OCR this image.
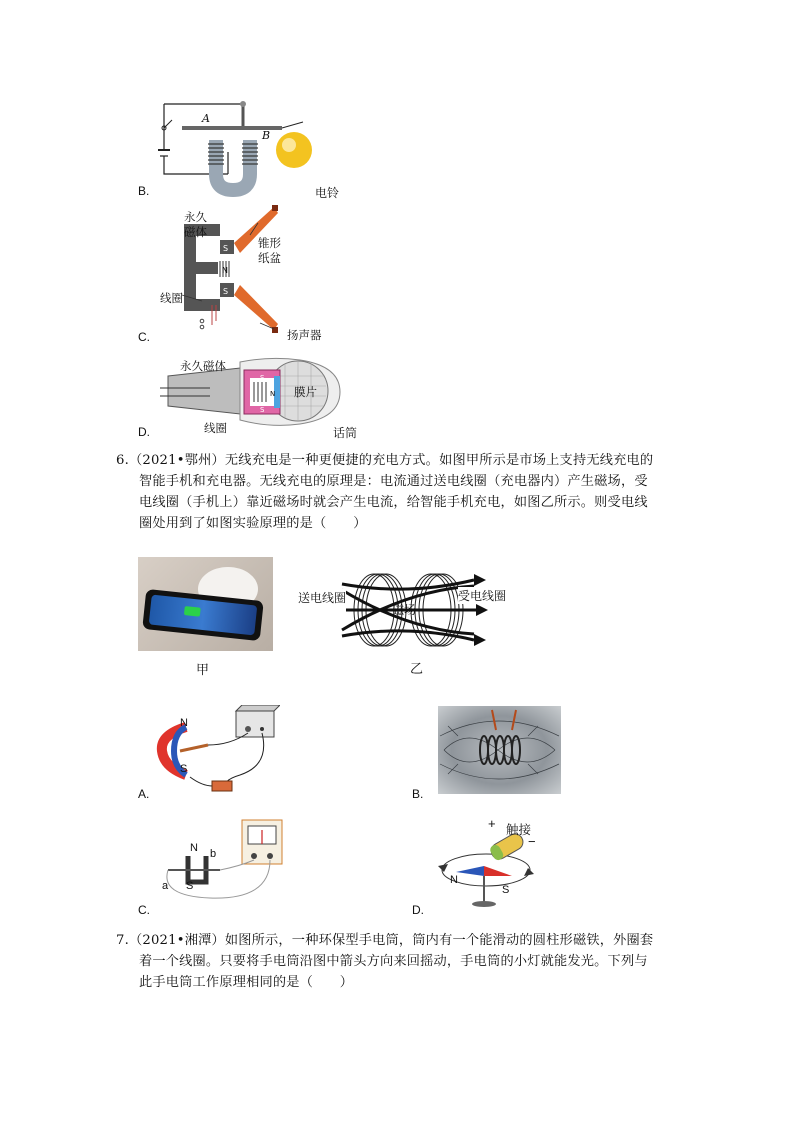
A
B
B.	电铃
S
S
N
永久
磁体
锥形
纸盆
线圈
C.	扬声器
S
S
N
永久磁体
膜片
线圈
D.	话筒
6.（2021•鄂州）无线充电是一种更便捷的充电方式。如图甲所示是市场上支持无线充电的
智能手机和充电器。无线充电的原理是：电流通过送电线圈（充电器内）产生磁场，受
电线圈（手机上）靠近磁场时就会产生电流，给智能手机充电，如图乙所示。则受电线
圈处用到了如图实验原理的是（　　）
甲
送电线圈
磁场
受电线圈
乙
N
S
A.	B.
N b
a S
C.
+ 触接
−
N
S
D.
7.（2021•湘潭）如图所示，一种环保型手电筒，筒内有一个能滑动的圆柱形磁铁，外圈套
着一个线圈。只要将手电筒沿图中箭头方向来回摇动，手电筒的小灯就能发光。下列与
此手电筒工作原理相同的是（　　）
